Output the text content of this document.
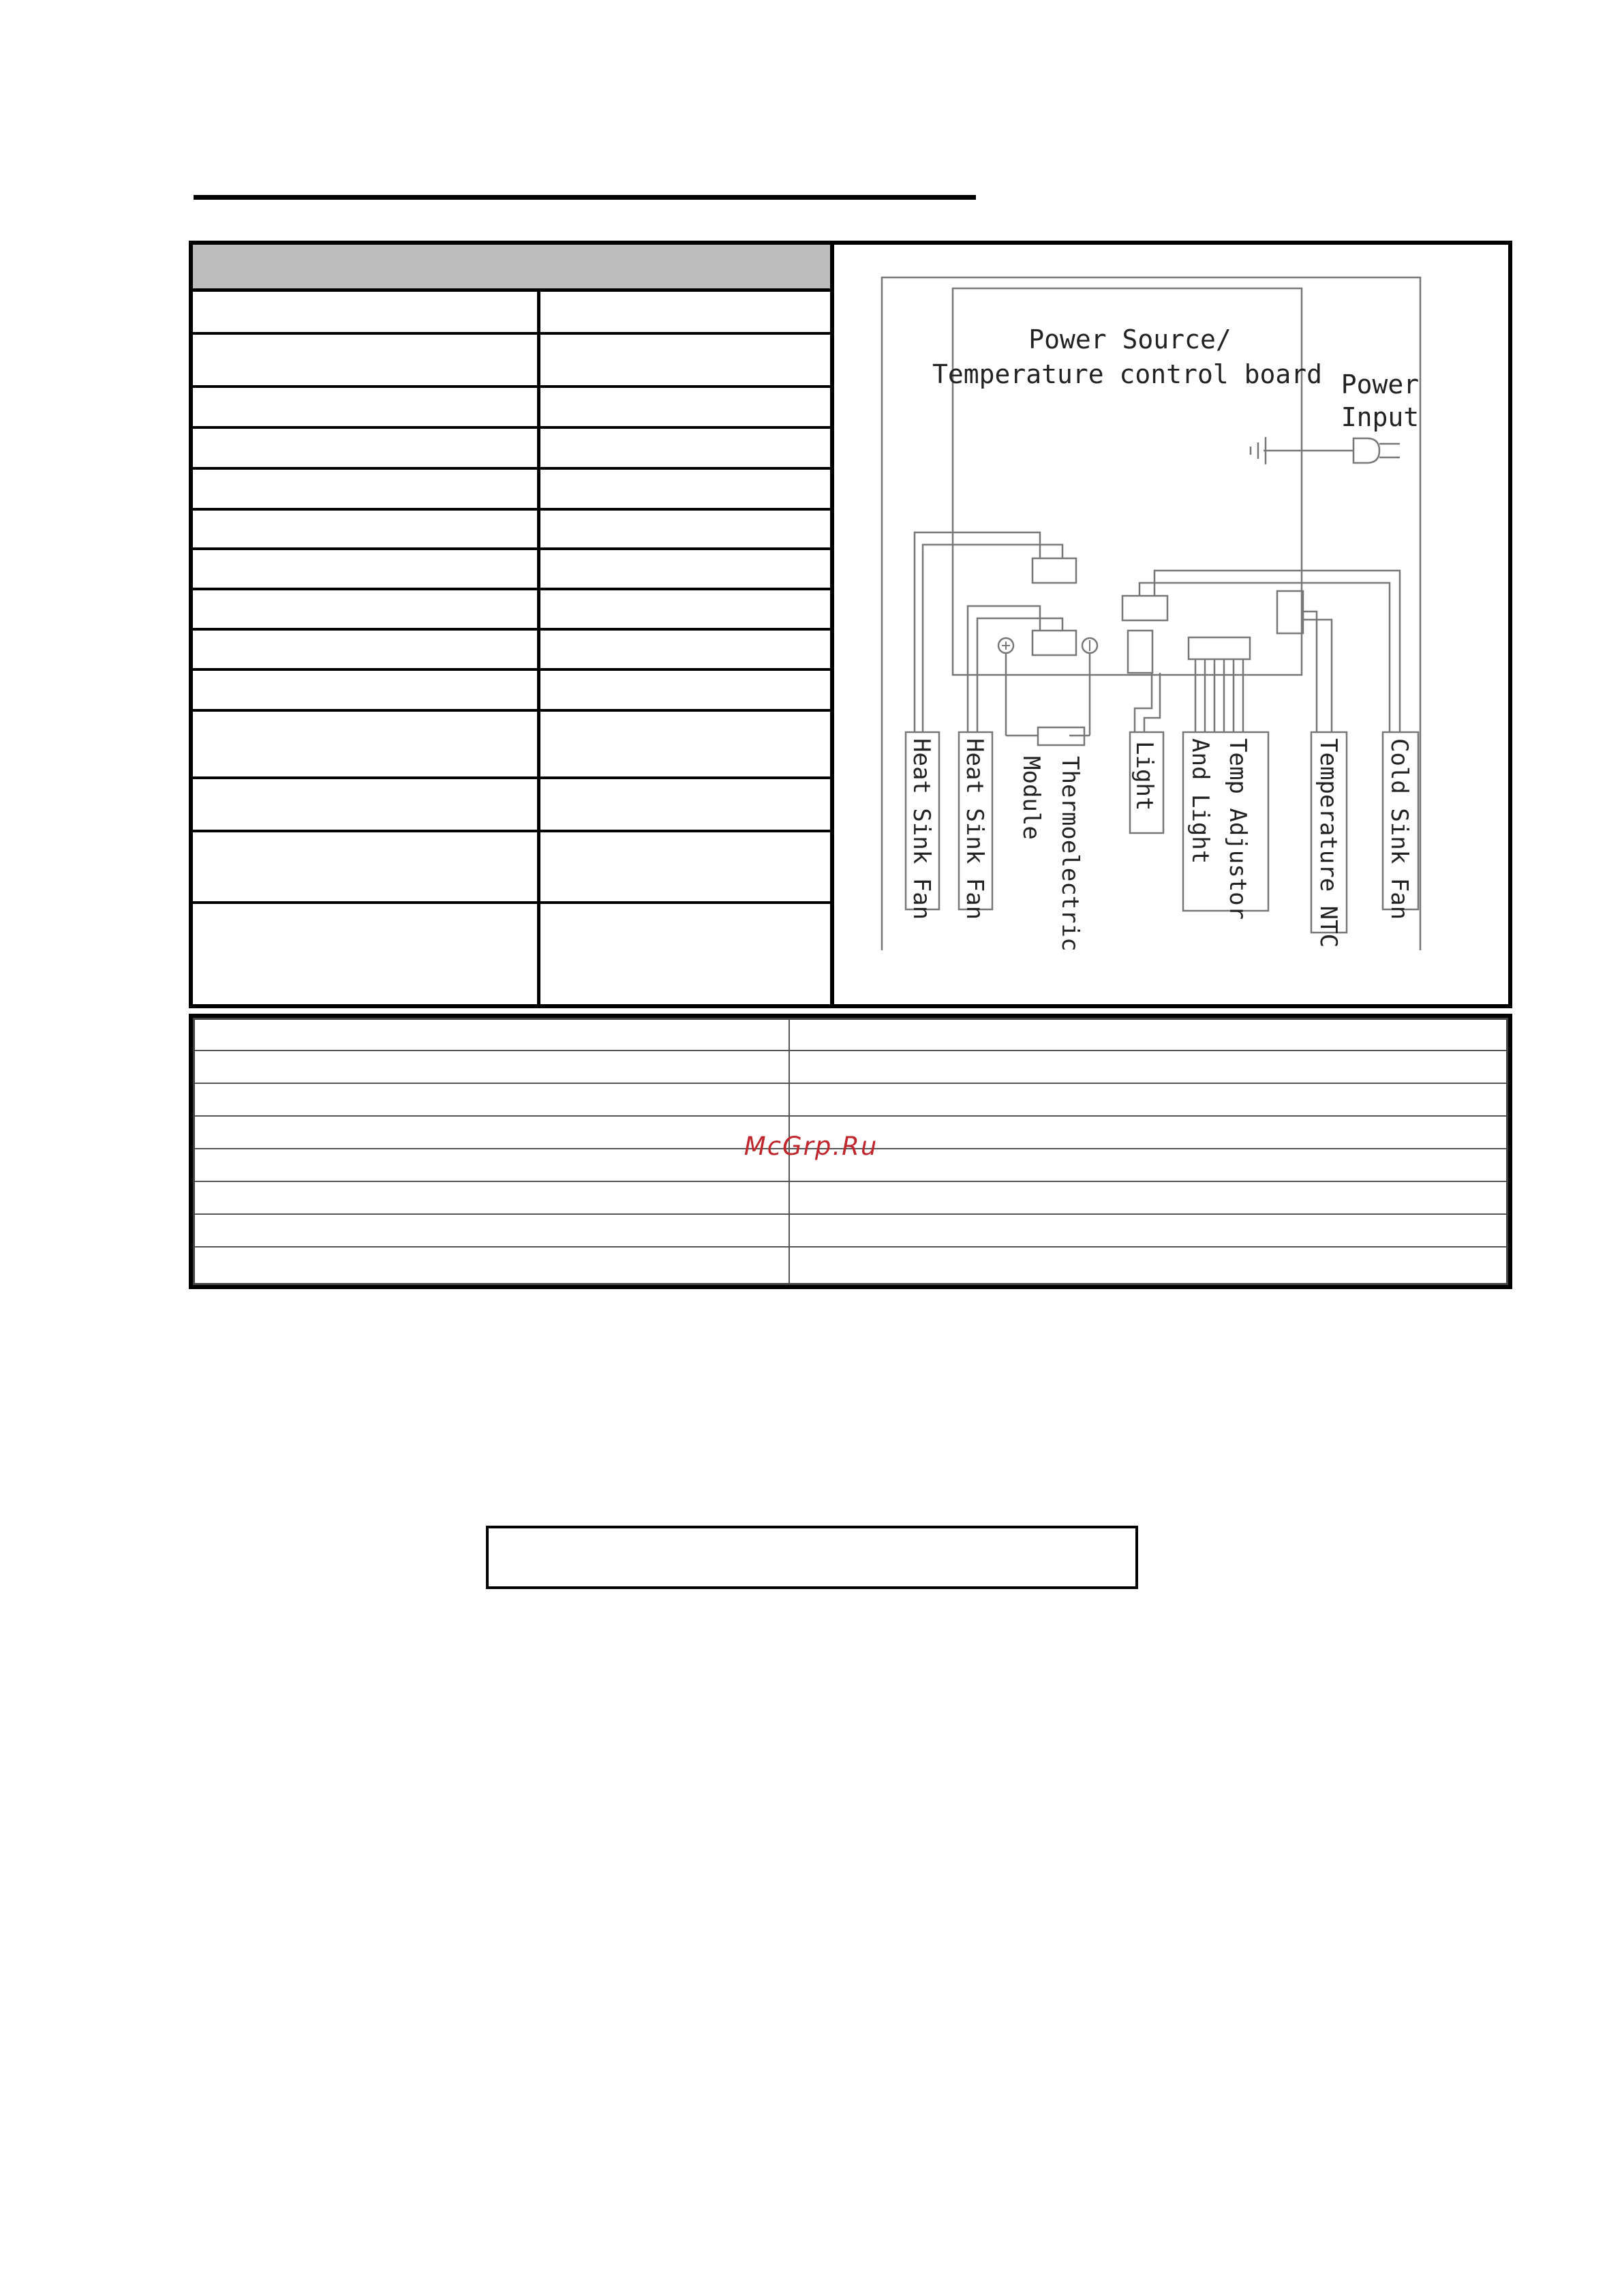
Power Source/
Temperature control board Power
Input
Heat Sink Fan Heat Sink Fan	Thermoelectric
Module	Light	Temp Adjustor
And Light	Temperature NTC Cold Sink Fan
McGrp.Ru
